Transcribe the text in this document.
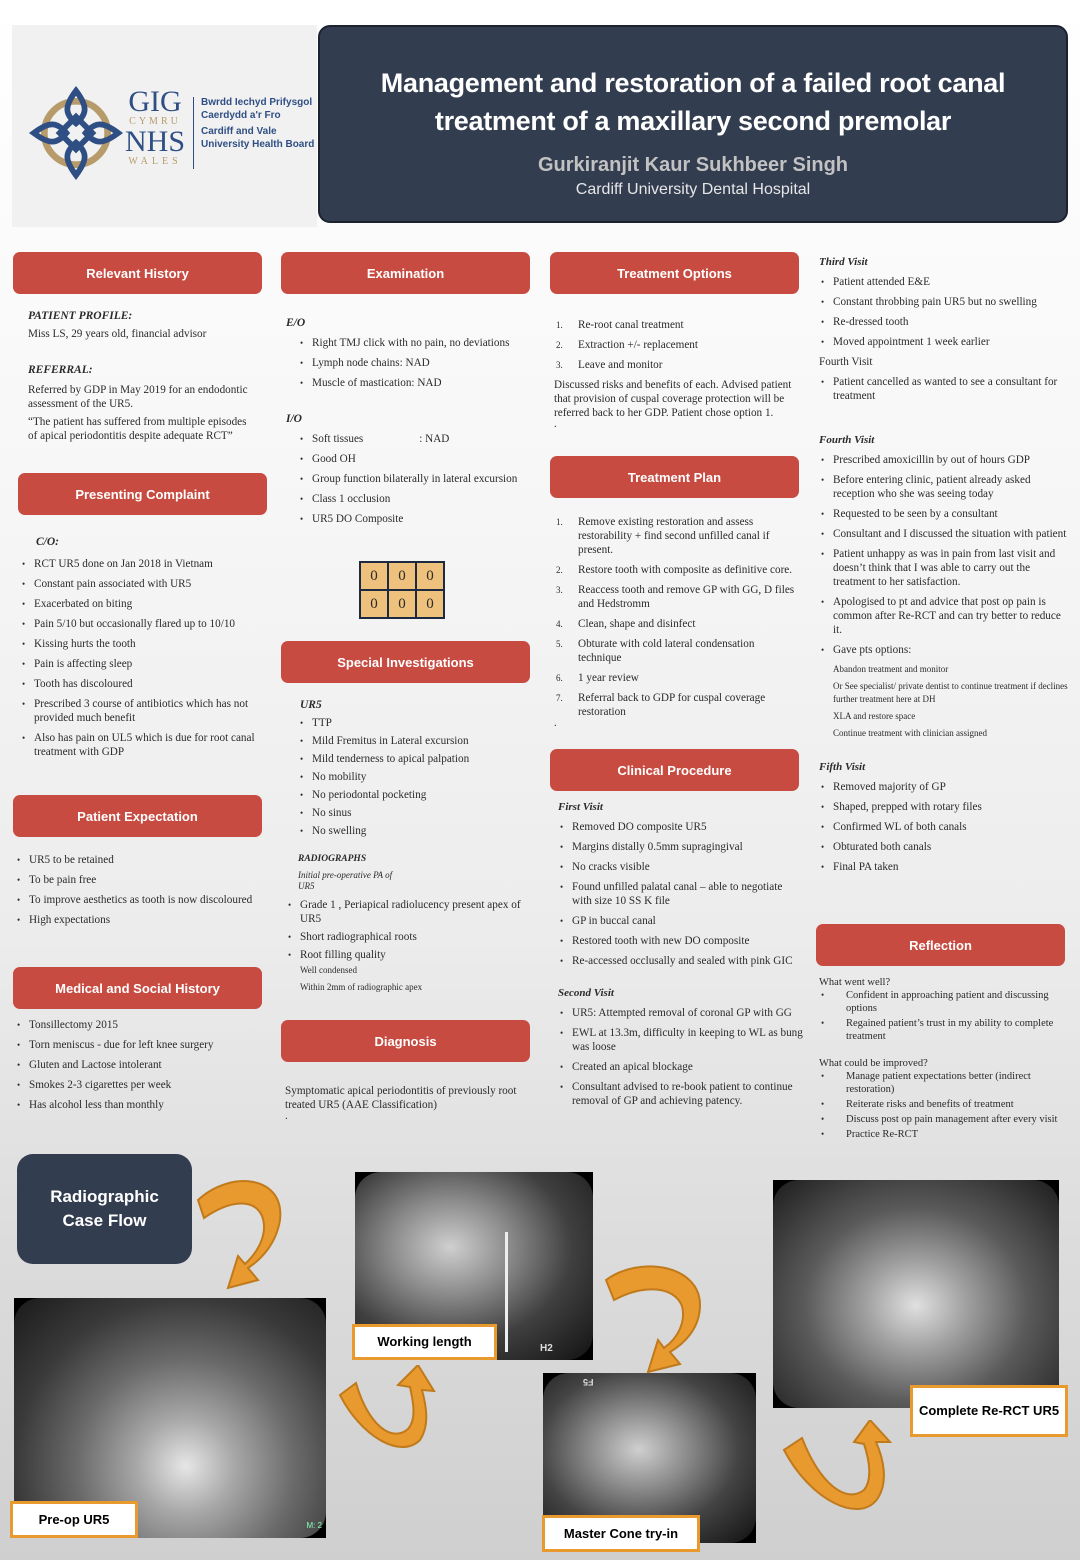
GIG
CYMRU
NHS
WALES
Bwrdd Iechyd Prifysgol
Caerdydd a'r Fro
Cardiff and Vale
University Health Board
Management and restoration of a failed root canal treatment of a maxillary second premolar
Gurkiranjit Kaur Sukhbeer Singh
Cardiff University Dental Hospital
Relevant History
PATIENT PROFILE:
Miss LS, 29 years old, financial advisor
REFERRAL:
Referred by GDP in May 2019 for an endodontic assessment of the UR5.
“The patient has suffered from multiple episodes of apical periodontitis despite adequate RCT”
Presenting Complaint
C/O:
• RCT UR5 done on Jan 2018 in Vietnam
• Constant pain associated with UR5
• Exacerbated on biting
• Pain 5/10 but occasionally flared up to 10/10
• Kissing hurts the tooth
• Pain is affecting sleep
• Tooth has discoloured
• Prescribed 3 course of antibiotics which has not provided much benefit
• Also has pain on UL5 which is due for root canal treatment with GDP
Patient Expectation
• UR5 to be retained
• To be pain free
• To improve aesthetics as tooth is now discoloured
• High expectations
Medical and Social History
• Tonsillectomy 2015
• Torn meniscus - due for left knee surgery
• Gluten and Lactose intolerant
• Smokes 2-3 cigarettes per week
• Has alcohol less than monthly
Examination
E/O
• Right TMJ click with no pain, no deviations
• Lymph node chains: NAD
• Muscle of mastication: NAD
I/O
• Soft tissues                    : NAD
• Good OH
• Group function bilaterally in lateral excursion
• Class 1 occlusion
• UR5 DO Composite
0	0	0
0	0	0
Special Investigations
UR5
• TTP
• Mild Fremitus in Lateral excursion
• Mild tenderness to apical palpation
• No mobility
• No periodontal pocketing
• No sinus
• No swelling
RADIOGRAPHS
Initial pre-operative PA of UR5
• Grade 1 , Periapical radiolucency present apex of UR5
• Short radiographical roots
• Root filling quality
Well condensed
Within 2mm of radiographic apex
Diagnosis
Symptomatic apical periodontitis of previously root treated UR5 (AAE Classification)
.
Treatment Options
1. Re-root canal treatment
2. Extraction +/- replacement
3. Leave and monitor
Discussed risks and benefits of each. Advised patient that provision of cuspal coverage protection will be referred back to her GDP. Patient chose option 1.
.
Treatment Plan
1. Remove existing restoration and assess restorability + find second unfilled canal if present.
2. Restore tooth with composite as definitive core.
3. Reaccess tooth and remove GP with GG, D files and Hedstromm
4. Clean, shape and disinfect
5. Obturate with cold lateral condensation technique
6. 1 year review
7. Referral back to GDP for cuspal coverage restoration
.
Clinical Procedure
First Visit
• Removed DO composite UR5
• Margins distally 0.5mm supragingival
• No cracks visible
• Found unfilled palatal canal – able to negotiate with size 10 SS K file
• GP in buccal canal
• Restored tooth with new DO composite
• Re-accessed occlusally and sealed with pink GIC
Second Visit
• UR5: Attempted removal of coronal GP with GG
• EWL at 13.3m, difficulty in keeping to WL as bung was loose
• Created an apical blockage
• Consultant advised to re-book patient to continue removal of GP and achieving patency.
Third Visit
• Patient attended E&E
• Constant throbbing pain UR5 but no swelling
• Re-dressed tooth
• Moved appointment 1 week earlier
Fourth Visit
• Patient cancelled as wanted to see a consultant for treatment
Fourth Visit
• Prescribed amoxicillin by out of hours GDP
• Before entering clinic, patient already asked reception who she was seeing today
• Requested to be seen by a consultant
• Consultant and I discussed the situation with patient
• Patient unhappy as was in pain from last visit and doesn’t think that I was able to carry out the treatment to her satisfaction.
• Apologised to pt and advice that post op pain is common after Re-RCT and can try better to reduce it.
• Gave pts options:
Abandon treatment and monitor
Or See specialist/ private dentist to continue treatment if declines further treatment here at DH
XLA and restore space
Continue treatment with clinician assigned
Fifth Visit
• Removed majority of GP
• Shaped, prepped with rotary files
• Confirmed WL of both canals
• Obturated both canals
• Final PA taken
Reflection
What went well?
• Confident in approaching patient and discussing options
• Regained patient’s trust in my ability to complete treatment
What could be improved?
• Manage patient expectations better (indirect restoration)
• Reiterate risks and benefits of treatment
• Discuss post op pain management after every visit
• Practice Re-RCT
Radiographic Case Flow
M: 2
Pre-op UR5
H2
Working length
F5
Master Cone try-in
Complete Re-RCT UR5
